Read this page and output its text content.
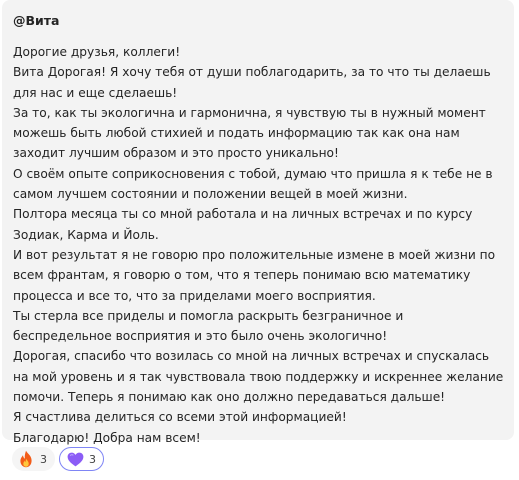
@Вита

Дорогие друзья, коллеги!

Вита Дорогая! Я хочу тебя от души поблагодарить, за то что ты делаешь для нас и еще сделаешь!

За то, как ты экологична и гармонична, я чувствую ты в нужный момент можешь быть любой стихией и подать информацию так как она нам заходит лучшим образом и это просто уникально!

О своём опыте соприкосновения с тобой, думаю что пришла я к тебе не в самом лучшем состоянии и положении вещей в моей жизни.

Полтора месяца ты со мной работала и на личных встречах и по курсу Зодиак, Карма и Йоль.

И вот результат я не говорю про положительные измене в моей жизни по всем франтам, я говорю о том, что я теперь понимаю всю математику процесса и все то, что за приделами моего восприятия.

Ты стерла все приделы и помогла раскрыть безграничное и беспредельное восприятия и это было очень экологично!

Дорогая, спасибо что возилась со мной на личных встречах и спускалась на мой уровень и я так чувствовала твою поддержку и искреннее желание помочи. Теперь я понимаю как оно должно передаваться дальше!

Я счастлива делиться со всеми этой информацией!

Благодарю! Добра нам всем!

3	3
